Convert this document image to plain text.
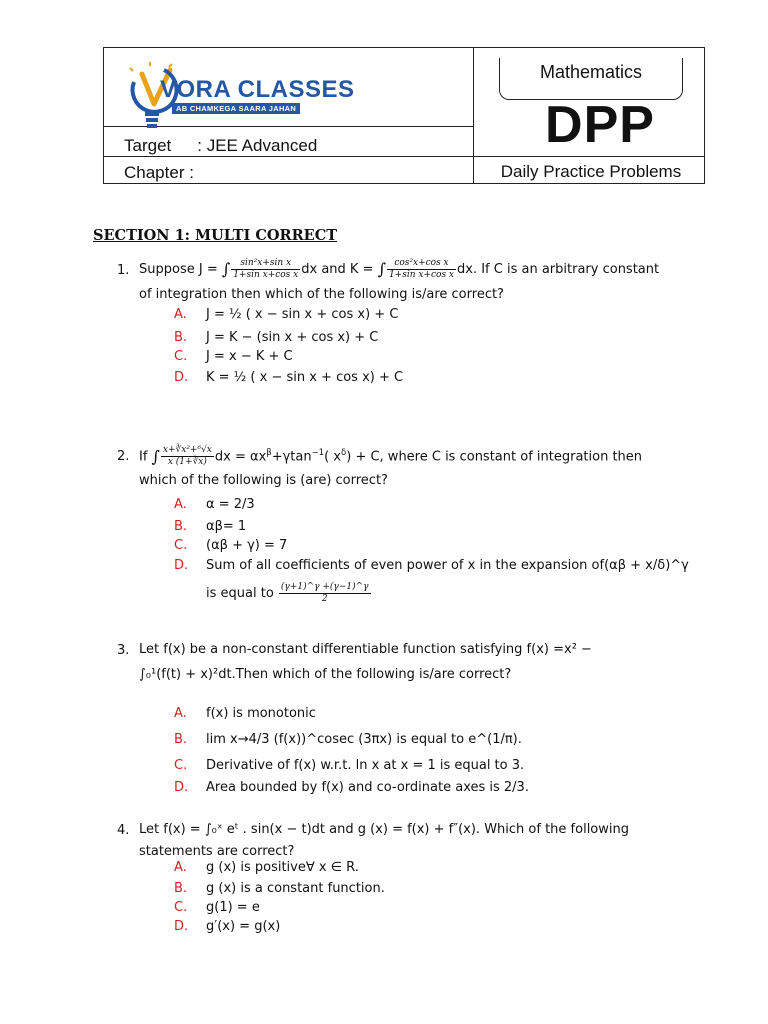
VORA CLASSES
AB CHAMKEGA SAARA JAHAN
Target : JEE Advanced
Chapter :
Mathematics
DPP
Daily Practice Problems
SECTION 1: MULTI CORRECT
1. Suppose J = ∫ $\frac{\text{sin²x+sin x}}{\text{1+sin x+cos x}}$ dx and K = ∫ $\frac{\text{cos²x+cos x}}{\text{1+sin x+cos x}}$ dx. If C is an arbitrary constant
of integration then which of the following is/are correct?
A. J = ½ ( x − sin x + cos x) + C
B. J = K − (sin x + cos x) + C
C. J = x − K + C
D. K = ½ ( x − sin x + cos x) + C
2. If ∫ $\frac{\text{x+∛x²+⁶√x}}{x (1+∛x)}$ dx = $\alpha x^\beta+\gamma\tan^{-1}$( $x^\delta) + C$, where C is constant of integration then
which of the following is (are) correct?
A. α = 2/3
B. αβ= 1
C. (αβ + γ) = 7
D. Sum of all coefficients of even power of x in the expansion of(αβ + x/δ)^γ
is equal to $\frac{(\gamma+1)\^{}\gamma +(\gamma-1)\^{}\gamma}{2}$
3. Let f(x) be a non-constant differentiable function satisfying f(x) =x² −
∫₀¹(f(t) + x)²dt.Then which of the following is/are correct?
A. f(x) is monotonic
B. lim x→4/3 (f(x))^cosec (3πx) is equal to e^(1/π).
C. Derivative of f(x) w.r.t. ln x at x = 1 is equal to 3.
D. Area bounded by f(x) and co-ordinate axes is 2/3.
4. Let f(x) = ∫₀ˣ eᵗ . sin(x − t)dt and g (x) = f(x) + f″(x). Which of the following
statements are correct?
A. g (x) is positive∀ x ∈ R.
B. g (x) is a constant function.
C. g(1) = e
D. g′(x) = g(x)
